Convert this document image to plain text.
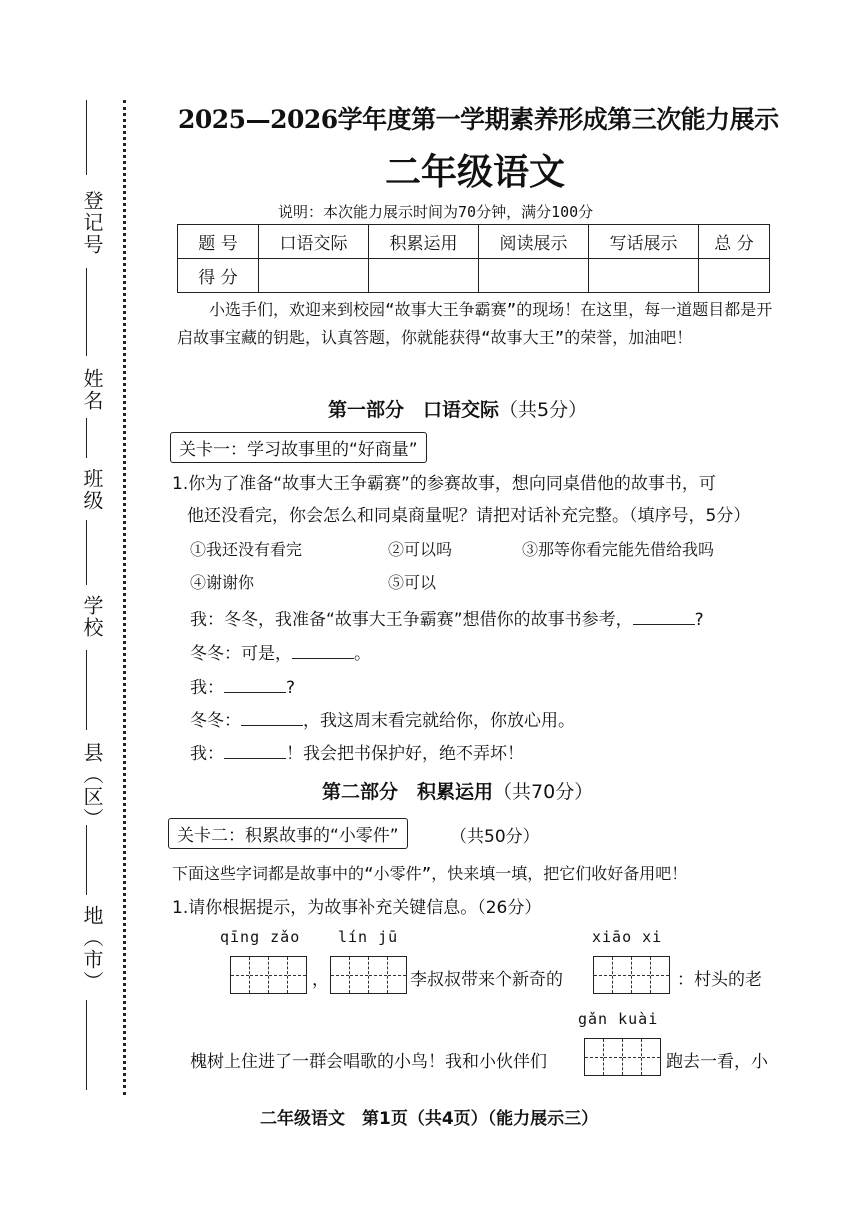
登记号
姓名
班级
学校
县（区）
地（市）
2025—2026学年度第一学期素养形成第三次能力展示
二年级语文
说明：本次能力展示时间为70分钟，满分100分
题 号	口语交际	积累运用	阅读展示	写话展示	总 分
得 分					
小选手们，欢迎来到校园“故事大王争霸赛”的现场！在这里，每一道题目都是开启故事宝藏的钥匙，认真答题，你就能获得“故事大王”的荣誉，加油吧！
第一部分　口语交际（共5分）
关卡一：学习故事里的“好商量”
1.你为了准备“故事大王争霸赛”的参赛故事，想向同桌借他的故事书，可
他还没看完，你会怎么和同桌商量呢？请把对话补充完整。（填序号，5分）
①我还没有看完	②可以吗	③那等你看完能先借给我吗
④谢谢你	⑤可以
我：冬冬，我准备“故事大王争霸赛”想借你的故事书参考，	?
冬冬：可是，	。
我：	?
冬冬：	，我这周末看完就给你，你放心用。
我：	！我会把书保护好，绝不弄坏！
第二部分　积累运用（共70分）
关卡二：积累故事的“小零件”	（共50分）
下面这些字词都是故事中的“小零件”，快来填一填，把它们收好备用吧！
1.请你根据提示，为故事补充关键信息。（26分）
qīng zǎo	lín jū	xiāo xi
，	李叔叔带来个新奇的	：村头的老
gǎn kuài
槐树上住进了一群会唱歌的小鸟！我和小伙伴们	跑去一看，小
二年级语文　第1页（共4页）（能力展示三）
